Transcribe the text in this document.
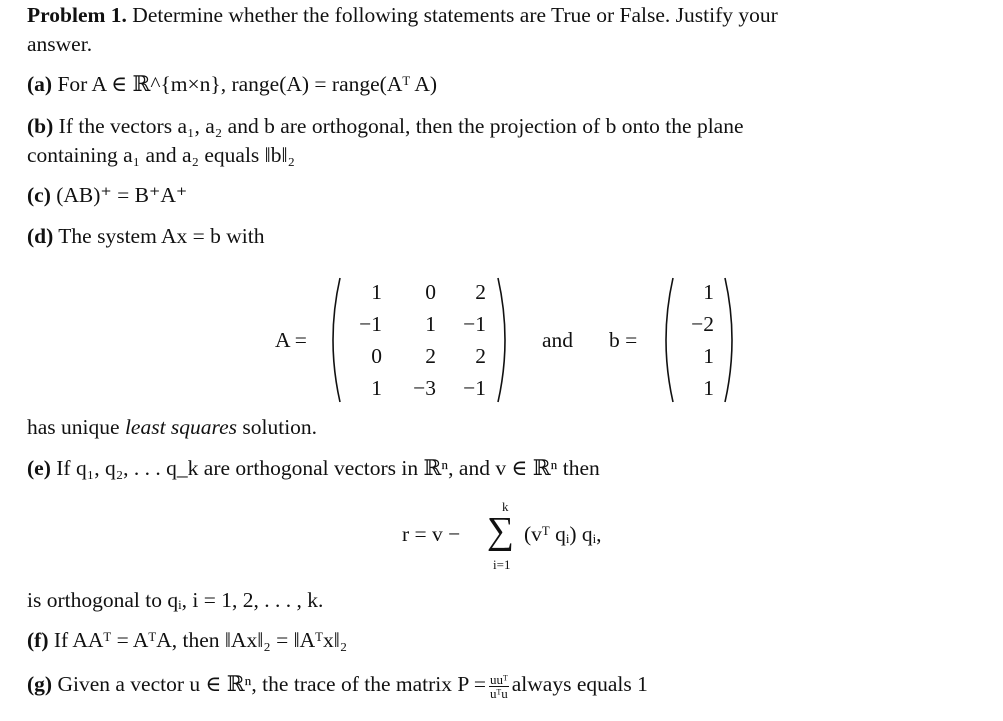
Problem 1. Determine whether the following statements are True or False. Justify your
answer.
(a) For A ∈ ℝ^{m×n}, range(A) = range(Aᵀ A)
(b) If the vectors a₁, a₂ and b are orthogonal, then the projection of b onto the plane
containing a₁ and a₂ equals ‖b‖₂
(c) (AB)⁺ = B⁺A⁺
(d) The system Ax = b with
A =
1	0	2
−1	1	−1
0	2	2
1	−3	−1
and b =
1
−2
1
1
has unique least squares solution.
(e) If q₁, q₂, . . . q_k are orthogonal vectors in ℝⁿ, and v ∈ ℝⁿ then
r = v −
k
∑
i=1
(vᵀ qᵢ) qᵢ,
is orthogonal to qᵢ, i = 1, 2, . . . , k.
(f) If AAᵀ = AᵀA, then ‖Ax‖₂ = ‖Aᵀx‖₂
(g) Given a vector u ∈ ℝⁿ, the trace of the matrix $P = \frac{\text{uuᵀ}}{\text{uᵀu}}$ always equals 1
